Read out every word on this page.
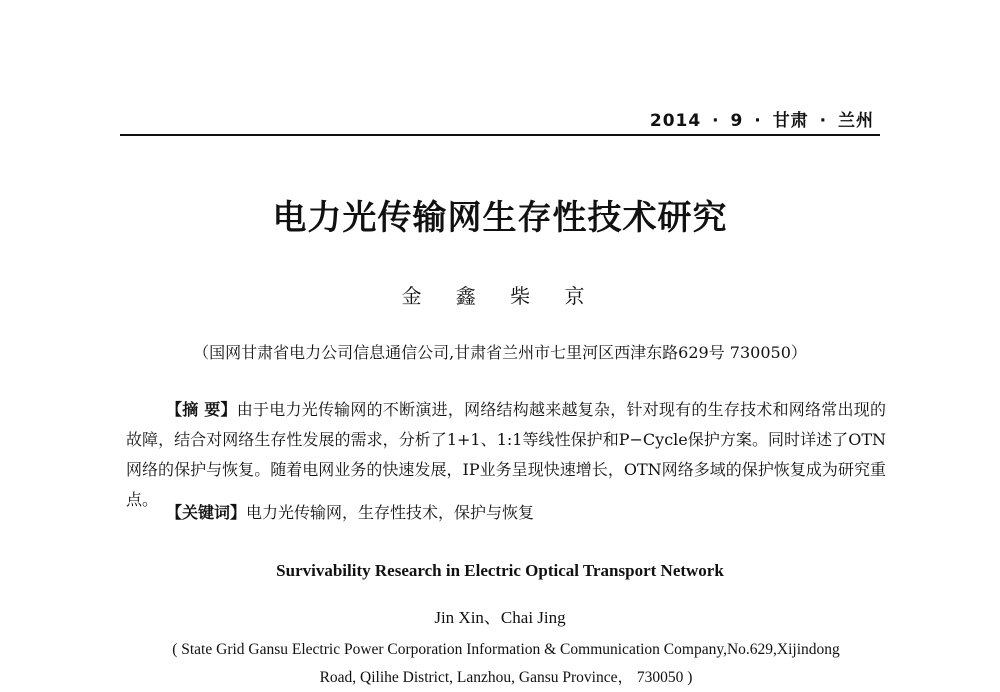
2014 · 9 · 甘肃 · 兰州
电力光传输网生存性技术研究
金 鑫 柴 京
（国网甘肃省电力公司信息通信公司,甘肃省兰州市七里河区西津东路629号 730050）

【摘 要】由于电力光传输网的不断演进，网络结构越来越复杂，针对现有的生存技术和网络常出现的故障，结合对网络生存性发展的需求，分析了1+1、1:1等线性保护和P−Cycle保护方案。同时详述了OTN网络的保护与恢复。随着电网业务的快速发展，IP业务呈现快速增长，OTN网络多域的保护恢复成为研究重点。

【关键词】电力光传输网，生存性技术，保护与恢复
Survivability Research in Electric Optical Transport Network
Jin Xin、Chai Jing
( State Grid Gansu Electric Power Corporation Information & Communication Company,No.629,Xijindong
Road, Qilihe District, Lanzhou, Gansu Province， 730050 )
